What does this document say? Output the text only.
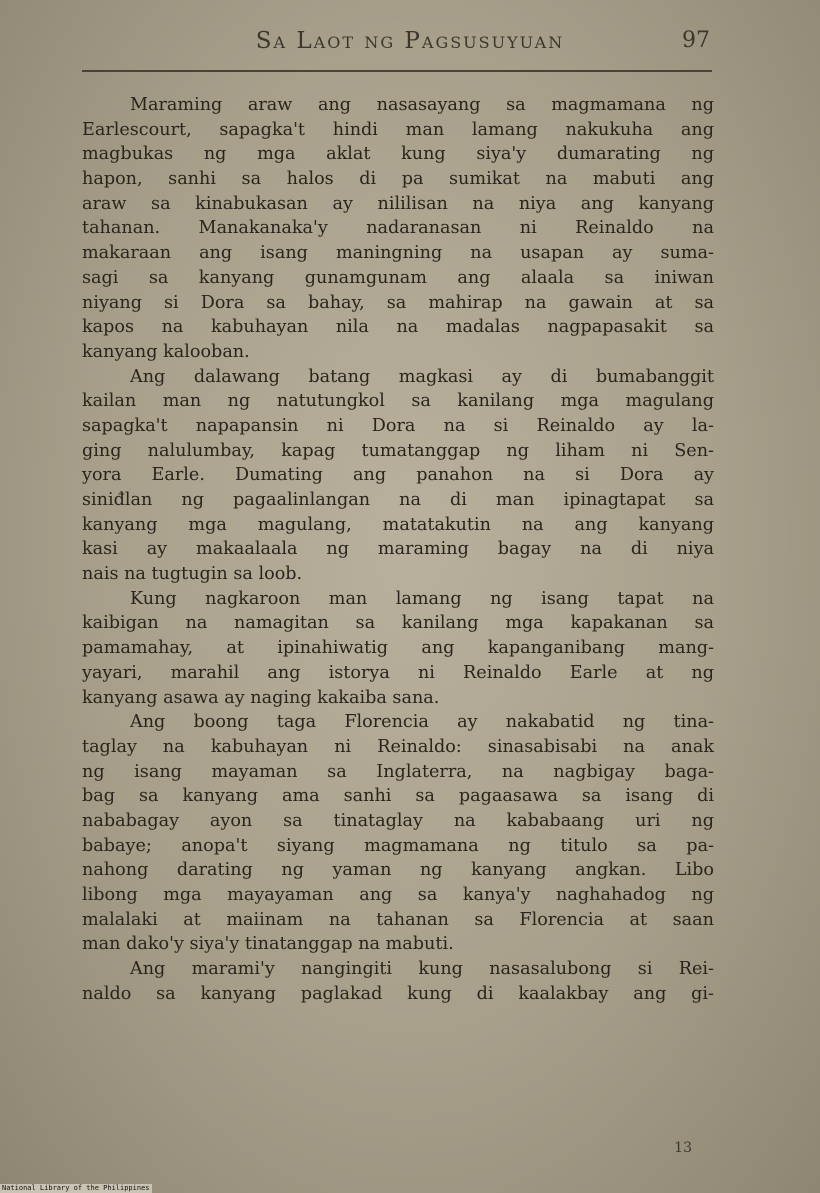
Sa Laot ng Pagsusuyuan	97
Maraming araw ang nasasayang sa magmamana ng
Earlescourt, sapagka't hindi man lamang nakukuha ang
magbukas ng mga aklat kung siya'y dumarating ng
hapon, sanhi sa halos di pa sumikat na mabuti ang
araw sa kinabukasan ay nililisan na niya ang kanyang
tahanan. Manakanaka'y nadaranasan ni Reinaldo na
makaraan ang isang maningning na usapan ay suma-
sagi sa kanyang gunamgunam ang alaala sa iniwan
niyang si Dora sa bahay, sa mahirap na gawain at sa
kapos na kabuhayan nila na madalas nagpapasakit sa
kanyang kalooban.
Ang dalawang batang magkasi ay di bumabanggit
kailan man ng natutungkol sa kanilang mga magulang
sapagka't napapansin ni Dora na si Reinaldo ay la-
ging nalulumbay, kapag tumatanggap ng liham ni Sen-
yora Earle. Dumating ang panahon na si Dora ay
siniđlan ng pagaalinlangan na di man ipinagtapat sa
kanyang mga magulang, matatakutin na ang kanyang
kasi ay makaalaala ng maraming bagay na di niya
nais na tugtugin sa loob.
Kung nagkaroon man lamang ng isang tapat na
kaibigan na namagitan sa kanilang mga kapakanan sa
pamamahay, at ipinahiwatig ang kapanganibang mang-
yayari, marahil ang istorya ni Reinaldo Earle at ng
kanyang asawa ay naging kakaiba sana.
Ang boong taga Florencia ay nakabatid ng tina-
taglay na kabuhayan ni Reinaldo: sinasabisabi na anak
ng isang mayaman sa Inglaterra, na nagbigay baga-
bag sa kanyang ama sanhi sa pagaasawa sa isang di
nababagay ayon sa tinataglay na kababaang uri ng
babaye; anopa't siyang magmamana ng titulo sa pa-
nahong darating ng yaman ng kanyang angkan. Libo
libong mga mayayaman ang sa kanya'y naghahadog ng
malalaki at maiinam na tahanan sa Florencia at saan
man dako'y siya'y tinatanggap na mabuti.
Ang marami'y nangingiti kung nasasalubong si Rei-
naldo sa kanyang paglakad kung di kaalakbay ang gi-
13
National Library of the Philippines
